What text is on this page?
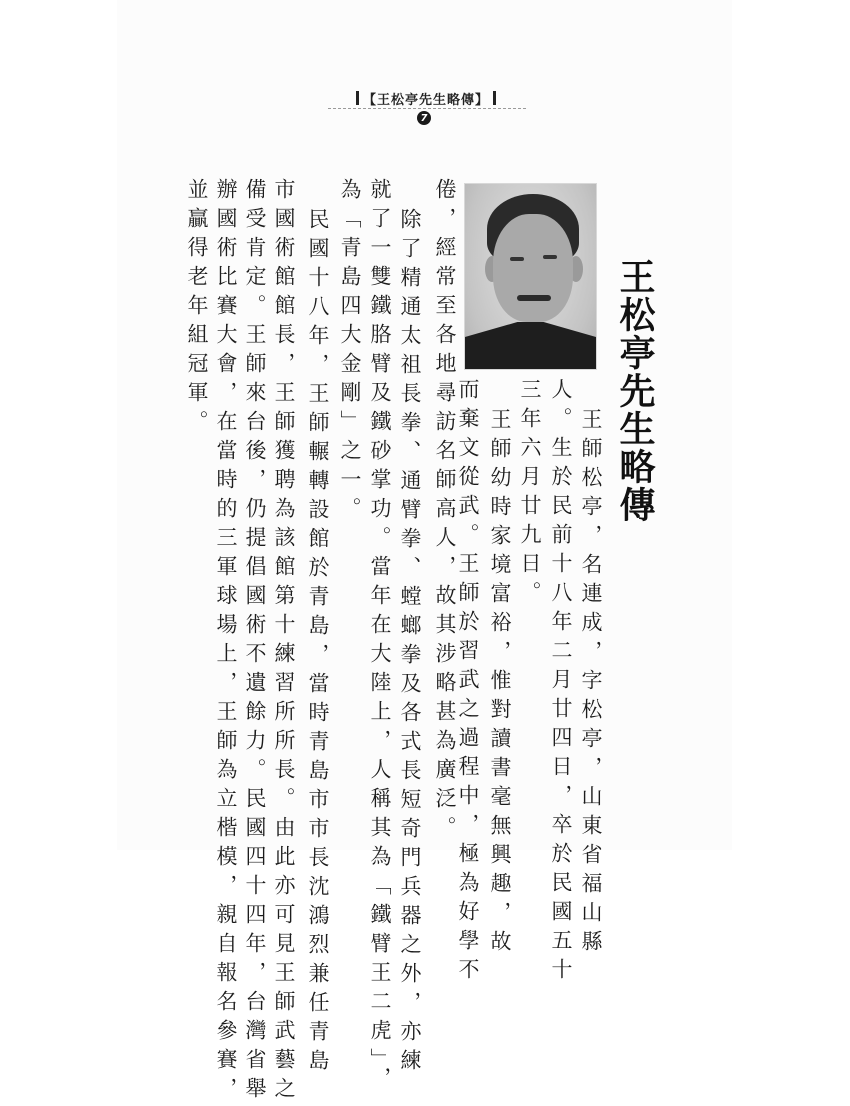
【王松亭先生略傳】
7
王松亭先生略傳
王師松亭，名連成，字松亭，山東省福山縣
人。生於民前十八年二月廿四日，卒於民國五十
三年六月廿九日。
王師幼時家境富裕，惟對讀書毫無興趣，故
而棄文從武。王師於習武之過程中，極為好學不
倦，經常至各地尋訪名師高人，故其涉略甚為廣泛。
除了精通太祖長拳、通臂拳、螳螂拳及各式長短奇門兵器之外，亦練
就了一雙鐵胳臂及鐵砂掌功。當年在大陸上，人稱其為「鐵臂王二虎」，
為「青島四大金剛」之一。
民國十八年，王師輾轉設館於青島，當時青島市市長沈鴻烈兼任青島
市國術館館長，王師獲聘為該館第十練習所所長。由此亦可見王師武藝之
備受肯定。王師來台後，仍提倡國術不遺餘力。民國四十四年，台灣省舉
辦國術比賽大會，在當時的三軍球場上，王師為立楷模，親自報名參賽，
並贏得老年組冠軍。
